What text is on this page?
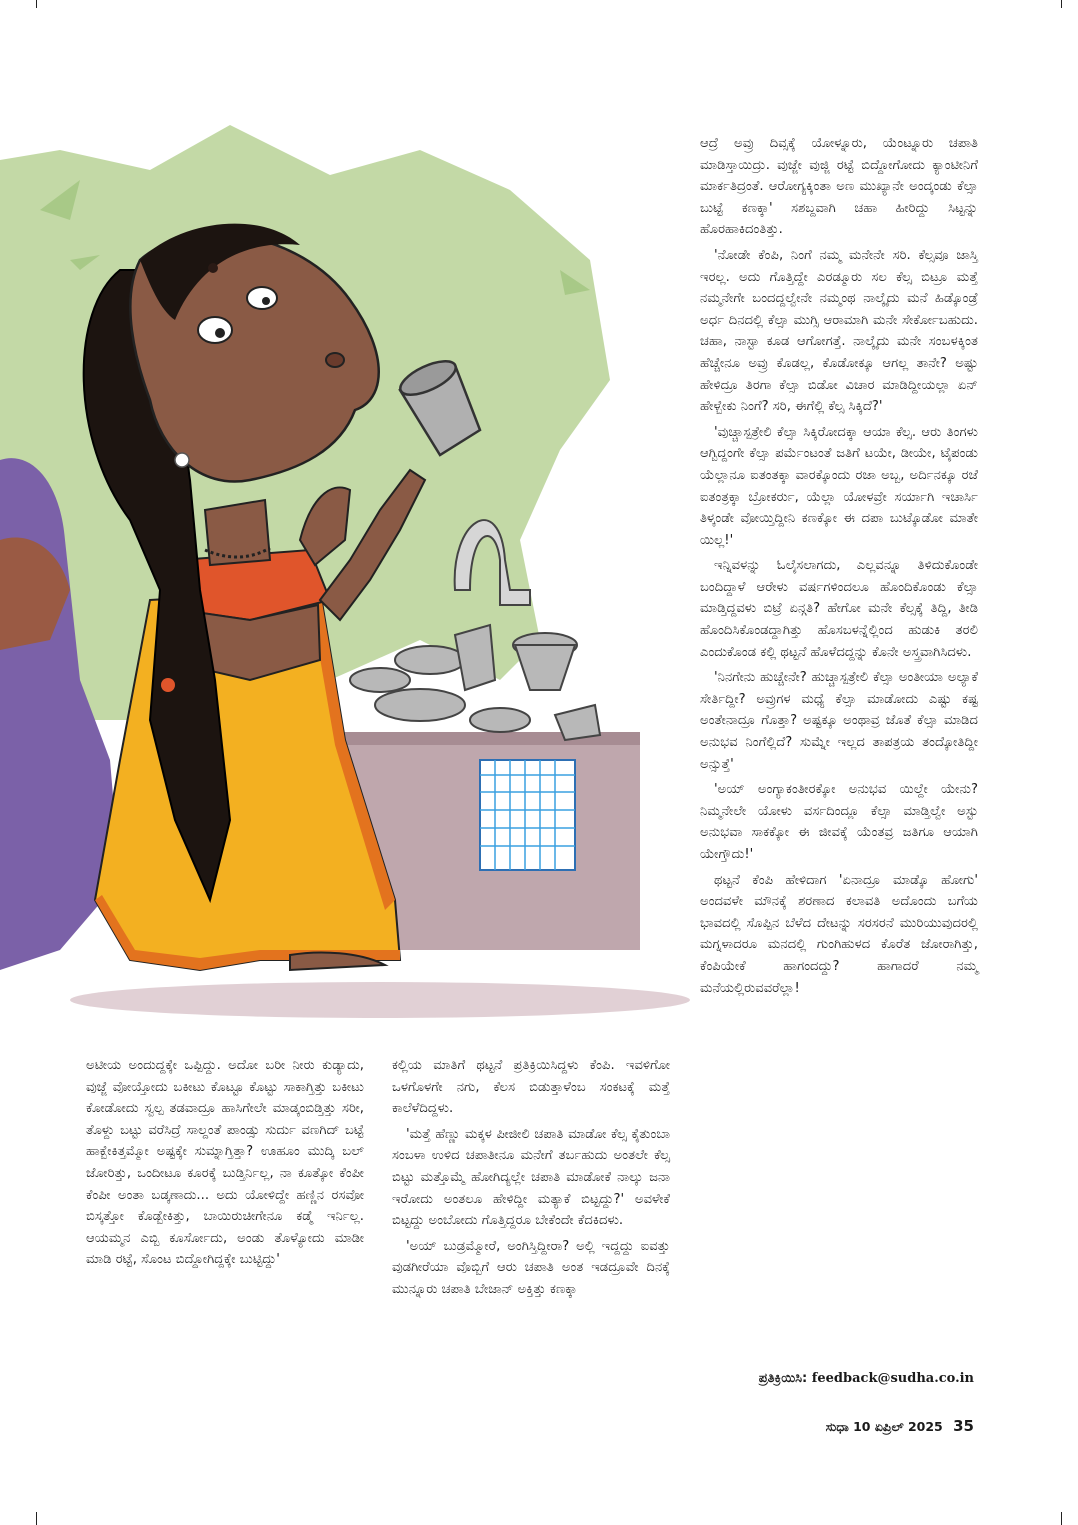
ಆದ್ರೆ ಅವ್ರು ದಿವ್ಸಕ್ಕೆ ಯೋಳ್ನೂರು, ಯೆಂಟ್ನೂರು ಚಪಾತಿ ಮಾಡಿಸ್ತಾಯಿದ್ರು. ವುಜ್ಜೇ ವುಜ್ಜಿ ರಟ್ಟೆ ಬಿದ್ದೋಗೋದು ಕ್ಯಾಂಟೀನಿಗೆ ಮಾರ್ಕತಿದ್ರಂತೆ. ಆರೋಗ್ಯಕ್ಕಿಂತಾ ಅಣ ಮುಖ್ಯಾನೇ ಅಂದ್ಕಂಡು ಕೆಲ್ಸಾ ಬುಟ್ಟೆ ಕಣಕ್ಕಾ' ಸಶಬ್ದವಾಗಿ ಚಹಾ ಹೀರಿದ್ದು ಸಿಟ್ಟನ್ನು ಹೊರಹಾಕಿದಂತಿತ್ತು.

'ನೋಡೇ ಕೆಂಪಿ, ನಿಂಗೆ ನಮ್ಮ ಮನೇನೇ ಸರಿ. ಕೆಲ್ಸವೂ ಜಾಸ್ತಿ ಇರಲ್ಲ. ಅದು ಗೊತ್ತಿದ್ದೇ ಎರಡ್ಮೂರು ಸಲ ಕೆಲ್ಸ ಬಿಟ್ರೂ ಮತ್ತೆ ನಮ್ಮನೇಗೇ ಬಂದದ್ದಲ್ವೇನೇ ನಮ್ಮಂಥ ನಾಲ್ಕೈದು ಮನೆ ಹಿಡ್ಕೊಂಡ್ರೆ ಅರ್ಧ ದಿನದಲ್ಲಿ ಕೆಲ್ಸಾ ಮುಗ್ಸಿ ಆರಾಮಾಗಿ ಮನೇ ಸೇರ್ಕೋಬಹುದು. ಚಹಾ, ನಾಸ್ಟಾ ಕೂಡ ಆಗೋಗತ್ತೆ. ನಾಲ್ಕೈದು ಮನೇ ಸಂಬಳಕ್ಕಿಂತ ಹೆಚ್ಚೇನೂ ಅವ್ರು ಕೊಡಲ್ಲ, ಕೊಡೋಕ್ಕೂ ಆಗಲ್ಲ ತಾನೇ? ಅಷ್ಟು ಹೇಳಿದ್ರೂ ತಿರಗಾ ಕೆಲ್ಸಾ ಬಿಡೋ ವಿಚಾರ ಮಾಡಿದ್ದೀಯಲ್ಲಾ ಏನ್ ಹೇಳ್ಬೇಕು ನಿಂಗೆ? ಸರಿ, ಈಗೆಲ್ಲಿ ಕೆಲ್ಸ ಸಿಕ್ಕಿದೆ?'

'ವುಚ್ಚಾಸ್ಪತ್ರೇಲಿ ಕೆಲ್ಸಾ ಸಿಕ್ಕಿರೋದಕ್ಕಾ ಆಯಾ ಕೆಲ್ಸ. ಆರು ತಿಂಗಳು ಆಗ್ಬಿದ್ದಂಗೇ ಕೆಲ್ಸಾ ಪರ್ಮೆಂಟಂತೆ ಜತಿಗೆ ಟಯೇ, ಡೀಯೇ, ಟೈಪಂಡು ಯೆಲ್ಲಾನೂ ಐತಂತಕ್ಕಾ ವಾರಕ್ಕೊಂದು ರಜಾ ಅಬ್ಬ, ಅರ್ದಿನಕ್ಕೂ ರಜೆ ಐತಂತ್ರಕ್ಕಾ ಬ್ರೋಕರ್ರು, ಯೆಲ್ಲಾ ಯೋಳವ್ರೇ ಸರ್ಯಾಗಿ ಇಚಾರ್ಸಿ ತಿಳ್ಕಂಡೇ ವೋಯ್ತಿದ್ದೀನಿ ಕಣಕ್ಕೋ ಈ ದಪಾ ಬುಟ್ಕೊಡೋ ಮಾತೇ ಯಿಲ್ಲ!'

ಇನ್ನಿವಳನ್ನು ಓಲೈಸಲಾಗದು, ಎಲ್ಲವನ್ನೂ ತಿಳಿದುಕೊಂಡೇ ಬಂದಿದ್ದಾಳೆ ಆರೇಳು ವರ್ಷಗಳಿಂದಲೂ ಹೊಂದಿಕೊಂಡು ಕೆಲ್ಸಾ ಮಾಡ್ತಿದ್ದವಳು ಬಿಟ್ರೆ ಏನ್ಗತಿ? ಹೇಗೋ ಮನೇ ಕೆಲ್ಸಕ್ಕೆ ತಿದ್ದಿ, ತೀಡಿ ಹೊಂದಿಸಿಕೊಂಡದ್ದಾಗಿತ್ತು ಹೊಸಬಳನ್ನೆಲ್ಲಿಂದ ಹುಡುಕಿ ತರಲಿ ಎಂದುಕೊಂಡ ಕಲ್ಲಿ ಥಟ್ಟನೆ ಹೊಳೆದದ್ದನ್ನು ಕೊನೇ ಅಸ್ತ್ರವಾಗಿಸಿದಳು.

'ನಿನಗೇನು ಹುಚ್ಚೇನೇ? ಹುಚ್ಚಾಸ್ಪತ್ರೇಲಿ ಕೆಲ್ಸಾ ಅಂತೀಯಾ ಅಲ್ಯಾಕೆ ಸೇರ್ತಿದ್ದೀ? ಅವ್ರುಗಳ ಮಧ್ಯೆ ಕೆಲ್ಸಾ ಮಾಡೋದು ಎಷ್ಟು ಕಷ್ಟ ಅಂತೇನಾದ್ರೂ ಗೊತ್ತಾ? ಅಷ್ಟಕ್ಕೂ ಅಂಥಾವ್ರ ಜೊತೆ ಕೆಲ್ಸಾ ಮಾಡಿದ ಅನುಭವ ನಿಂಗೆಲ್ಲಿದೆ? ಸುಮ್ನೇ ಇಲ್ಲದ ತಾಪತ್ರಯ ತಂದ್ಕೋತಿದ್ದೀ ಅನ್ಸುತ್ತೆ'

'ಅಯ್ ಅಂಗ್ಯಾಕಂತೀರಕ್ಕೋ ಅನುಭವ ಯಿಲ್ದೇ ಯೇನು? ನಿಮ್ಮನೇಲೇ ಯೋಳು ವರ್ಸದಿಂದ್ಲೂ ಕೆಲ್ಸಾ ಮಾಡ್ತಿಲ್ವೇ ಅಸ್ಟು ಅನುಭವಾ ಸಾಕಕ್ಕೋ ಈ ಜೀವಕ್ಕೆ ಯೆಂತವ್ರ ಜತಿಗೂ ಆಯಾಗಿ ಯೇಗ್ತೌದು!'

ಥಟ್ಟನೆ ಕೆಂಪಿ ಹೇಳಿದಾಗ 'ಏನಾದ್ರೂ ಮಾಡ್ಕೊ ಹೋಗು' ಅಂದವಳೇ ಮೌನಕ್ಕೆ ಶರಣಾದ ಕಲಾವತಿ ಅದೊಂದು ಬಗೆಯ ಭಾವದಲ್ಲಿ ಸೊಪ್ಪಿನ ಬೆಳೆದ ದೇಟನ್ನು ಸರಸರನೆ ಮುರಿಯುವುದರಲ್ಲಿ ಮಗ್ನಳಾದರೂ ಮನದಲ್ಲಿ ಗುಂಗಿಹುಳದ ಕೊರೆತ ಜೋರಾಗಿತ್ತು, ಕೆಂಪಿಯೇಕೆ ಹಾಗಂದದ್ದು? ಹಾಗಾದರೆ ನಮ್ಮ ಮನೆಯಲ್ಲಿರುವವರೆಲ್ಲಾ!

ಅಟೀಯ ಅಂದುದ್ದಕ್ಕೇ ಒಪ್ಪಿದ್ದು. ಅದೋ ಬರೀ ನೀರು ಕುಡ್ಯಾದು, ವುಜ್ಜೆ ವೋಯ್ತೋದು ಬಕೀಟು ಕೊಟ್ಟೂ ಕೊಟ್ಟು ಸಾಕಾಗ್ತಿತ್ತು ಬಕೀಟು ಕೋಡೋದು ಸ್ವಲ್ಪ ತಡವಾದ್ರೂ ಹಾಸಿಗೇಲೇ ಮಾಡ್ಕಂಬಿಡ್ತಿತ್ತು ಸರೀ, ತೊಳ್ದು ಬಟ್ಟು ವರೆಸಿದ್ರೆ ಸಾಲ್ದಂತೆ ಪಾಂಡ್ಸು ಸುರ್ದು ವಣಗಿದ್ ಬಟ್ಟೆ ಹಾಕ್ಬೇಕಿತ್ತಮ್ಮೋ ಅಷ್ಟಕ್ಕೇ ಸುಮ್ನಾಗ್ತಿತ್ತಾ? ಊಹೂಂ ಮುದ್ಕಿ ಬಲ್ ಜೋರಿತ್ತು, ಒಂದೀಟೂ ಕೂರಕ್ಕೆ ಬುಡ್ತಿರ್ನಿಲ್ಲ, ನಾ ಕೂತ್ಕೋ ಕೆಂಪೀ ಕೆಂಪೀ ಅಂತಾ ಬಡ್ಕಣಾದು... ಅದು ಯೋಳಿದ್ದೇ ಹಣ್ಣಿನ ರಸವೋ ಬಿಸ್ಕತ್ತೋ ಕೊಡ್ಬೇಕಿತ್ತು, ಬಾಯಿರುಚೀಗೇನೂ ಕಡ್ಮೆ ಇರ್ನಿಲ್ಲ. ಆಯಮ್ಮನ ಎಬ್ಬಿ ಕೂರ್ಸೋದು, ಅಂಡು ತೊಳ್ಯೋದು ಮಾಡೀ ಮಾಡಿ ರಟ್ಟೆ, ಸೊಂಟ ಬಿದ್ದೋಗಿದ್ದಕ್ಕೇ ಬುಟ್ಟಿದ್ದು'

ಕಲ್ಲಿಯ ಮಾತಿಗೆ ಥಟ್ಟನೆ ಪ್ರತಿಕ್ರಿಯಿಸಿದ್ದಳು ಕೆಂಪಿ. ಇವಳಿಗೋ ಒಳಗೊಳಗೇ ನಗು, ಕೆಲಸ ಬಿಡುತ್ತಾಳೆಂಬ ಸಂಕಟಕ್ಕೆ ಮತ್ತೆ ಕಾಲೆಳೆದಿದ್ದಳು.

'ಮತ್ತೆ ಹೆಣ್ಣು ಮಕ್ಕಳ ಪೀಜೀಲಿ ಚಪಾತಿ ಮಾಡೋ ಕೆಲ್ಸ ಕೈತುಂಬಾ ಸಂಬಳಾ ಉಳಿದ ಚಪಾತೀನೂ ಮನೇಗೆ ತರ್ಬಹುದು ಅಂತಲೇ ಕೆಲ್ಸ ಬಿಟ್ಟು ಮತ್ತೊಮ್ಮೆ ಹೋಗಿದ್ಯಲ್ಲೇ ಚಪಾತಿ ಮಾಡೋಕೆ ನಾಲ್ಕು ಜನಾ ಇರೋದು ಅಂತಲೂ ಹೇಳಿದ್ದೀ ಮತ್ಯಾಕೆ ಬಿಟ್ಟದ್ದು?' ಅವಳೇಕೆ ಬಿಟ್ಟದ್ದು ಅಂಬೋದು ಗೊತ್ತಿದ್ದರೂ ಬೇಕೆಂದೇ ಕೆದಕಿದಳು.

'ಅಯ್ ಬುಡ್ರಮ್ಮೋರೆ, ಅಂಗಿಸ್ತಿದ್ದೀರಾ? ಅಲ್ಲಿ ಇದ್ದದ್ದು ಐವತ್ತು ವುಡಗೀರೆಯಾ ವೊಬ್ಬಿಗೆ ಆರು ಚಪಾತಿ ಅಂತ ಇಡದ್ರೂವೇ ದಿನಕ್ಕೆ ಮುನ್ನೂರು ಚಪಾತಿ ಬೇಜಾನ್ ಅಕ್ತಿತ್ತು ಕಣಕ್ಕಾ

ಪ್ರತಿಕ್ರಿಯಿಸಿ: feedback@sudha.co.in
ಸುಧಾ 10 ಏಪ್ರಿಲ್ 2025 35
